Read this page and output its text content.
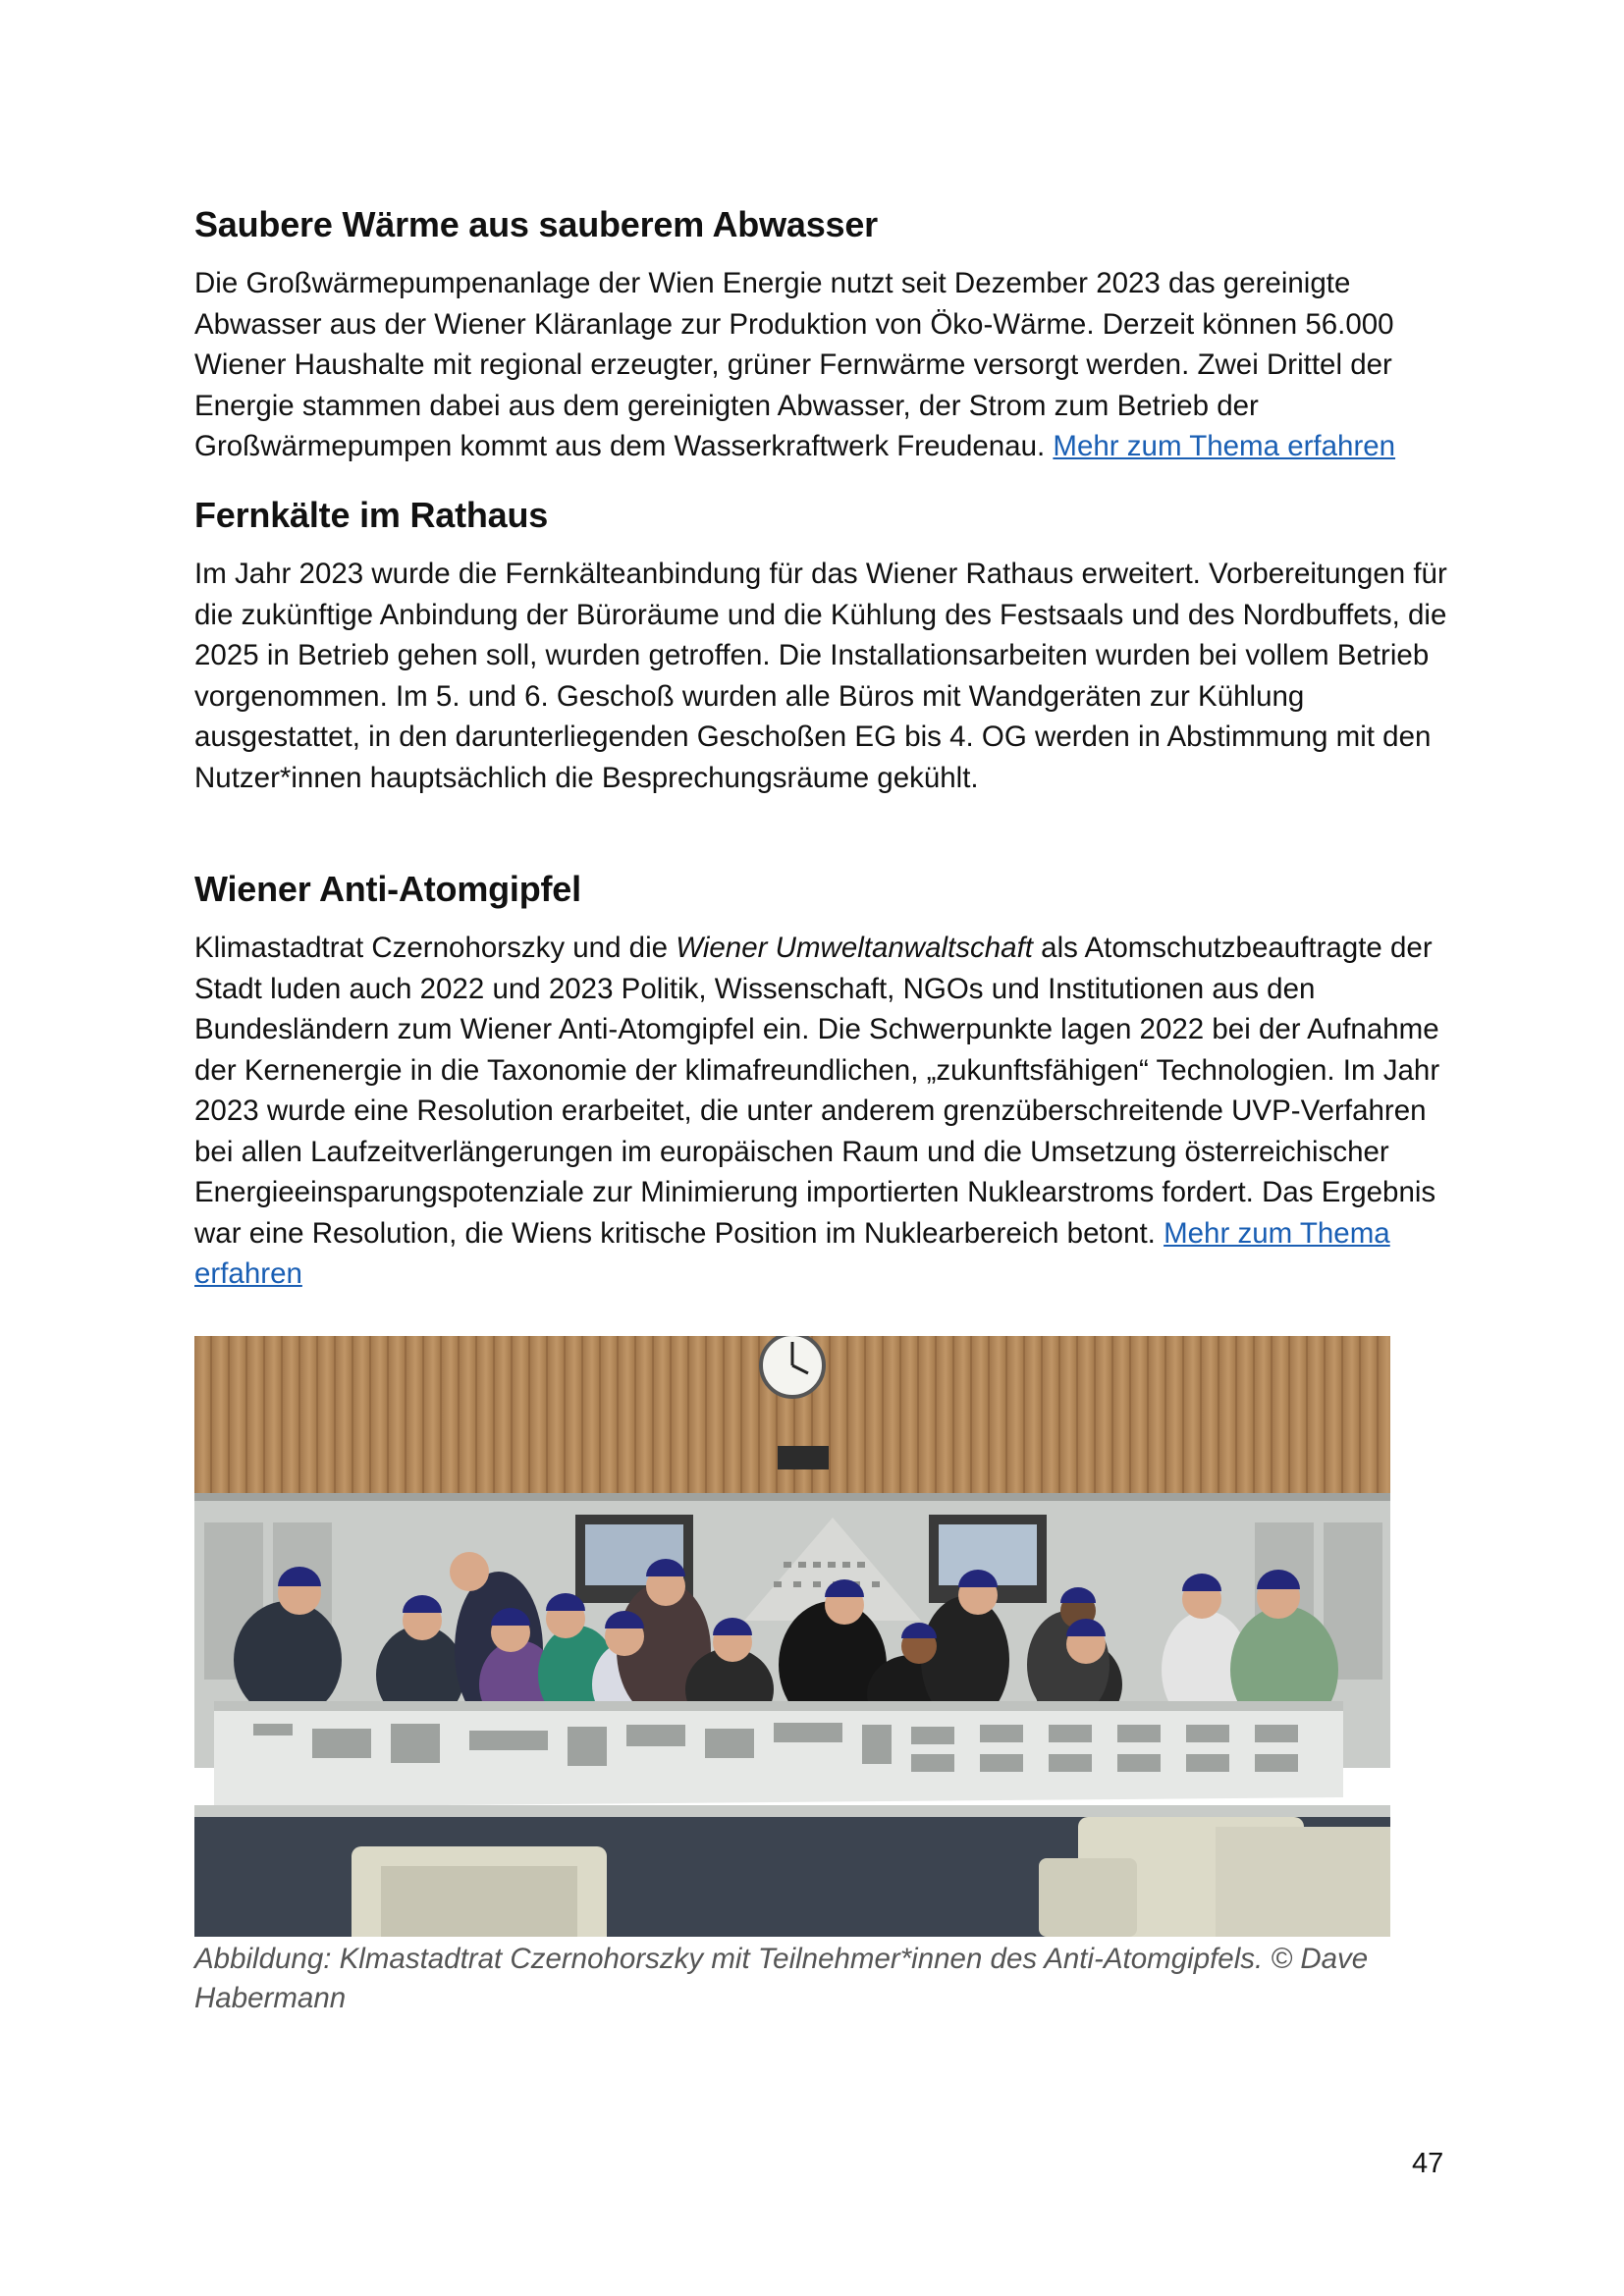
Saubere Wärme aus sauberem Abwasser

Die Großwärmepumpenanlage der Wien Energie nutzt seit Dezember 2023 das gereinigte Abwasser aus der Wiener Kläranlage zur Produktion von Öko-Wärme. Derzeit können 56.000 Wiener Haushalte mit regional erzeugter, grüner Fernwärme versorgt werden. Zwei Drittel der Energie stammen dabei aus dem gereinigten Abwasser, der Strom zum Betrieb der Großwärmepumpen kommt aus dem Wasserkraftwerk Freudenau. Mehr zum Thema erfahren

Fernkälte im Rathaus

Im Jahr 2023 wurde die Fernkälteanbindung für das Wiener Rathaus erweitert. Vorbereitungen für die zukünftige Anbindung der Büroräume und die Kühlung des Festsaals und des Nordbuffets, die 2025 in Betrieb gehen soll, wurden getroffen. Die Installationsarbeiten wurden bei vollem Betrieb vorgenommen. Im 5. und 6. Geschoß wurden alle Büros mit Wandgeräten zur Kühlung ausgestattet, in den darunterliegenden Geschoßen EG bis 4. OG werden in Abstimmung mit den Nutzer*innen hauptsächlich die Besprechungsräume gekühlt.

Wiener Anti-Atomgipfel

Klimastadtrat Czernohorszky und die Wiener Umweltanwaltschaft als Atomschutzbeauftragte der Stadt luden auch 2022 und 2023 Politik, Wissenschaft, NGOs und Institutionen aus den Bundesländern zum Wiener Anti-Atomgipfel ein. Die Schwerpunkte lagen 2022 bei der Aufnahme der Kernenergie in die Taxonomie der klimafreundlichen, „zukunftsfähigen“ Technologien. Im Jahr 2023 wurde eine Resolution erarbeitet, die unter anderem grenzüberschreitende UVP-Verfahren bei allen Laufzeitverlängerungen im europäischen Raum und die Umsetzung österreichischer Energieeinsparungspotenziale zur Minimierung importierten Nuklearstroms fordert. Das Ergebnis war eine Resolution, die Wiens kritische Position im Nuklearbereich betont. Mehr zum Thema erfahren

Abbildung: Klmastadtrat Czernohorszky mit Teilnehmer*innen des Anti-Atomgipfels. © Dave Habermann

47
